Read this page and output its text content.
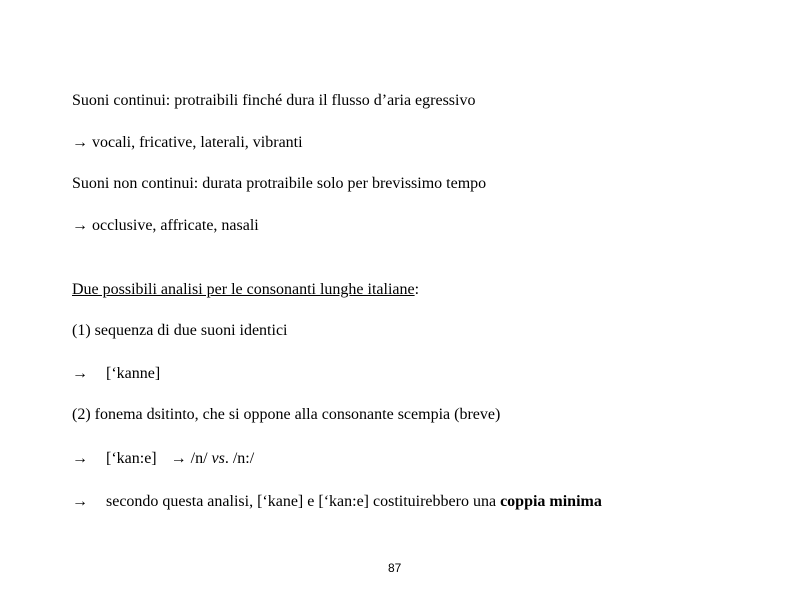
Suoni continui: protraibili finché dura il flusso d’aria egressivo
→ vocali, fricative, laterali, vibranti
Suoni non continui: durata protraibile solo per brevissimo tempo
→ occlusive, affricate, nasali
Due possibili analisi per le consonanti lunghe italiane:
(1) sequenza di due suoni identici
→ [‘kanne]
(2) fonema dsitinto, che si oppone alla consonante scempia (breve)
→ [‘kan:e] → /n/ vs. /n:/
→ secondo questa analisi, [‘kane] e [‘kan:e] costituirebbero una coppia minima
87
